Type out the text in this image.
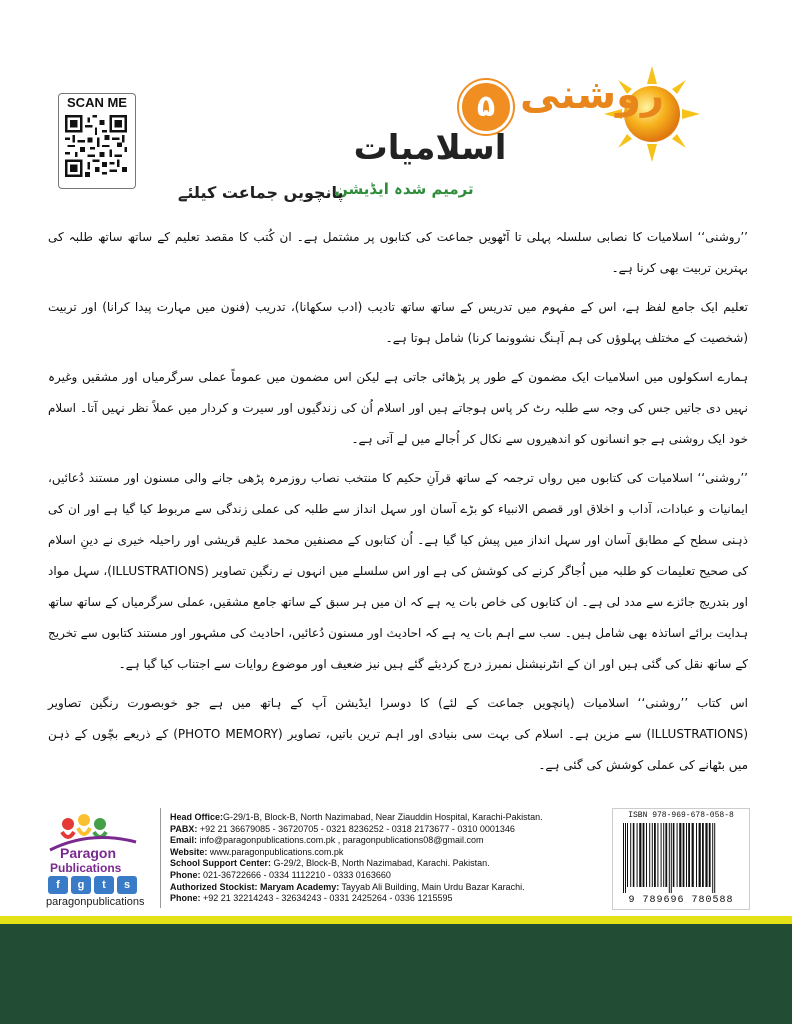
SCAN ME	روشنی
۵
اسلامیات
ترمیم شدہ ایڈیشن
پانچویں جماعت کیلئے

’’روشنی‘‘ اسلامیات کا نصابی سلسلہ پہلی تا آٹھویں جماعت کی کتابوں پر مشتمل ہے۔ ان کُتب کا مقصد تعلیم کے ساتھ ساتھ طلبہ کی بہترین تربیت بھی کرنا ہے۔

تعلیم ایک جامع لفظ ہے، اس کے مفہوم میں تدریس کے ساتھ ساتھ تادیب (ادب سکھانا)، تدریب (فنون میں مہارت پیدا کرانا) اور تربیت (شخصیت کے مختلف پہلوؤں کی ہم آہنگ نشوونما کرنا) شامل ہوتا ہے۔

ہمارے اسکولوں میں اسلامیات ایک مضمون کے طور پر پڑھائی جاتی ہے لیکن اس مضمون میں عموماً عملی سرگرمیاں اور مشقیں وغیرہ نہیں دی جاتیں جس کی وجہ سے طلبہ رٹ کر پاس ہوجاتے ہیں اور اسلام اُن کی زندگیوں اور سیرت و کردار میں عملاً نظر نہیں آتا۔ اسلام خود ایک روشنی ہے جو انسانوں کو اندھیروں سے نکال کر اُجالے میں لے آتی ہے۔

’’روشنی‘‘ اسلامیات کی کتابوں میں رواں ترجمہ کے ساتھ قرآنِ حکیم کا منتخب نصاب روزمرہ پڑھی جانے والی مسنون اور مستند دُعائیں، ایمانیات و عبادات، آداب و اخلاق اور قصص الانبیاء کو بڑے آسان اور سہل انداز سے طلبہ کی عملی زندگی سے مربوط کیا گیا ہے اور ان کی ذہنی سطح کے مطابق آسان اور سہل انداز میں پیش کیا گیا ہے۔ اُن کتابوں کے مصنفین محمد علیم قریشی اور راحیلہ خیری نے دینِ اسلام کی صحیح تعلیمات کو طلبہ میں اُجاگر کرنے کی کوشش کی ہے اور اس سلسلے میں انہوں نے رنگین تصاویر (ILLUSTRATIONS)، سہل مواد اور بتدریج جائزے سے مدد لی ہے۔ ان کتابوں کی خاص بات یہ ہے کہ ان میں ہر سبق کے ساتھ جامع مشقیں، عملی سرگرمیاں کے ساتھ ساتھ ہدایت برائے اساتذہ بھی شامل ہیں۔ سب سے اہم بات یہ ہے کہ احادیث اور مسنون دُعائیں، احادیث کی مشہور اور مستند کتابوں سے تخریج کے ساتھ نقل کی گئی ہیں اور ان کے انٹرنیشنل نمبرز درج کردیئے گئے ہیں نیز ضعیف اور موضوع روایات سے اجتناب کیا گیا ہے۔

اس کتاب ’’روشنی‘‘ اسلامیات (پانچویں جماعت کے لئے) کا دوسرا ایڈیشن آپ کے ہاتھ میں ہے جو خوبصورت رنگین تصاویر (ILLUSTRATIONS) سے مزین ہے۔ اسلام کی بہت سی بنیادی اور اہم ترین باتیں، تصاویر (PHOTO MEMORY) کے ذریعے بچّوں کے ذہن میں بٹھانے کی عملی کوشش کی گئی ہے۔

Paragon
Publications
f	g	t	s
paragonpublications
Head Office:G-29/1-B, Block-B, North Nazimabad, Near Ziauddin Hospital, Karachi-Pakistan.
PABX: +92 21 36679085 - 36720705 - 0321 8236252 - 0318 2173677 - 0310 0001346
Email: info@paragonpublications.com.pk , paragonpublications08@gmail.com
Website: www.paragonpublications.com.pk
School Support Center: G-29/2, Block-B, North Nazimabad, Karachi. Pakistan.
Phone: 021-36722666 - 0334 1112210 - 0333 0163660
Authorized Stockist: Maryam Academy: Tayyab Ali Building, Main Urdu Bazar Karachi.
Phone: +92 21 32214243 - 32634243 - 0331 2425264 - 0336 1215595
ISBN 978-969-678-058-8
9 789696 780588
